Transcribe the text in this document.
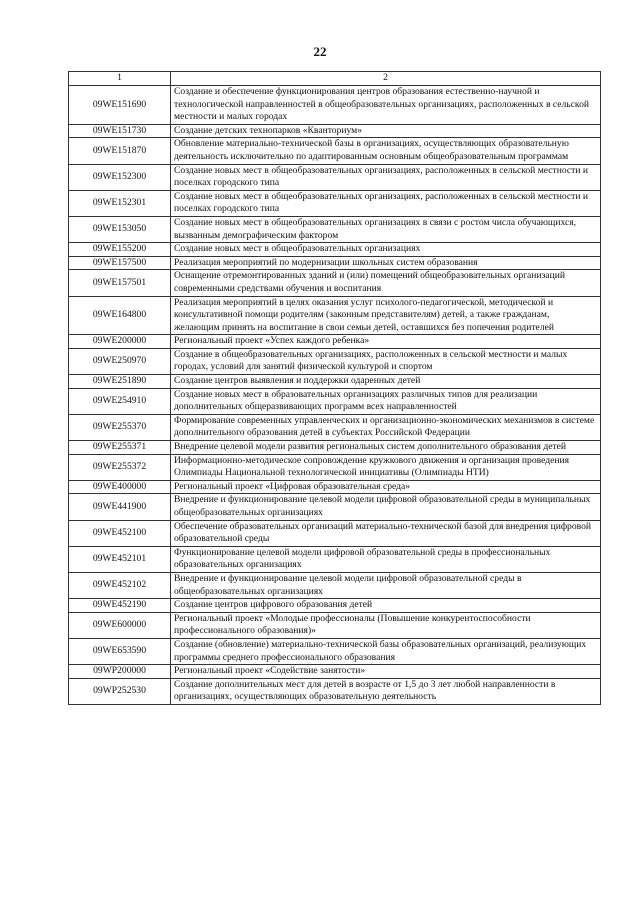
22
1	2
09WE151690	Создание и обеспечение функционирования центров образования естественно-научной и технологической направленностей в общеобразовательных организациях, расположенных в сельской местности и малых городах
09WE151730	Создание детских технопарков «Кванториум»
09WE151870	Обновление материально-технической базы в организациях, осуществляющих образовательную деятельность исключительно по адаптированным основным общеобразовательным программам
09WE152300	Создание новых мест в общеобразовательных организациях, расположенных в сельской местности и поселках городского типа
09WE152301	Создание новых мест в общеобразовательных организациях, расположенных в сельской местности и поселках городского типа
09WE153050	Создание новых мест в общеобразовательных организациях в связи с ростом числа обучающихся, вызванным демографическим фактором
09WE155200	Создание новых мест в общеобразовательных организациях
09WE157500	Реализация мероприятий по модернизации школьных систем образования
09WE157501	Оснащение отремонтированных зданий и (или) помещений общеобразовательных организаций современными средствами обучения и воспитания
09WE164800	Реализация мероприятий в целях оказания услуг психолого-педагогической, методической и консультативной помощи родителям (законным представителям) детей, а также гражданам, желающим принять на воспитание в свои семьи детей, оставшихся без попечения родителей
09WE200000	Региональный проект «Успех каждого ребенка»
09WE250970	Создание в общеобразовательных организациях, расположенных в сельской местности и малых городах, условий для занятий физической культурой и спортом
09WE251890	Создание центров выявления и поддержки одаренных детей
09WE254910	Создание новых мест в образовательных организациях различных типов для реализации дополнительных общеразвивающих программ всех направленностей
09WE255370	Формирование современных управленческих и организационно-экономических механизмов в системе дополнительного образования детей в субъектах Российской Федерации
09WE255371	Внедрение целевой модели развития региональных систем дополнительного образования детей
09WE255372	Информационно-методическое сопровождение кружкового движения и организация проведения Олимпиады Национальной технологической инициативы (Олимпиады НТИ)
09WE400000	Региональный проект «Цифровая образовательная среда»
09WE441900	Внедрение и функционирование целевой модели цифровой образовательной среды в муниципальных общеобразовательных организациях
09WE452100	Обеспечение образовательных организаций материально-технической базой для внедрения цифровой образовательной среды
09WE452101	Функционирование целевой модели цифровой образовательной среды в профессиональных образовательных организациях
09WE452102	Внедрение и функционирование целевой модели цифровой образовательной среды в общеобразовательных организациях
09WE452190	Создание центров цифрового образования детей
09WE600000	Региональный проект «Молодые профессионалы (Повышение конкурентоспособности профессионального образования)»
09WE653590	Создание (обновление) материально-технической базы образовательных организаций, реализующих программы среднего профессионального образования
09WP200000	Региональный проект «Содействие занятости»
09WP252530	Создание дополнительных мест для детей в возрасте от 1,5 до 3 лет любой направленности в организациях, осуществляющих образовательную деятельность
